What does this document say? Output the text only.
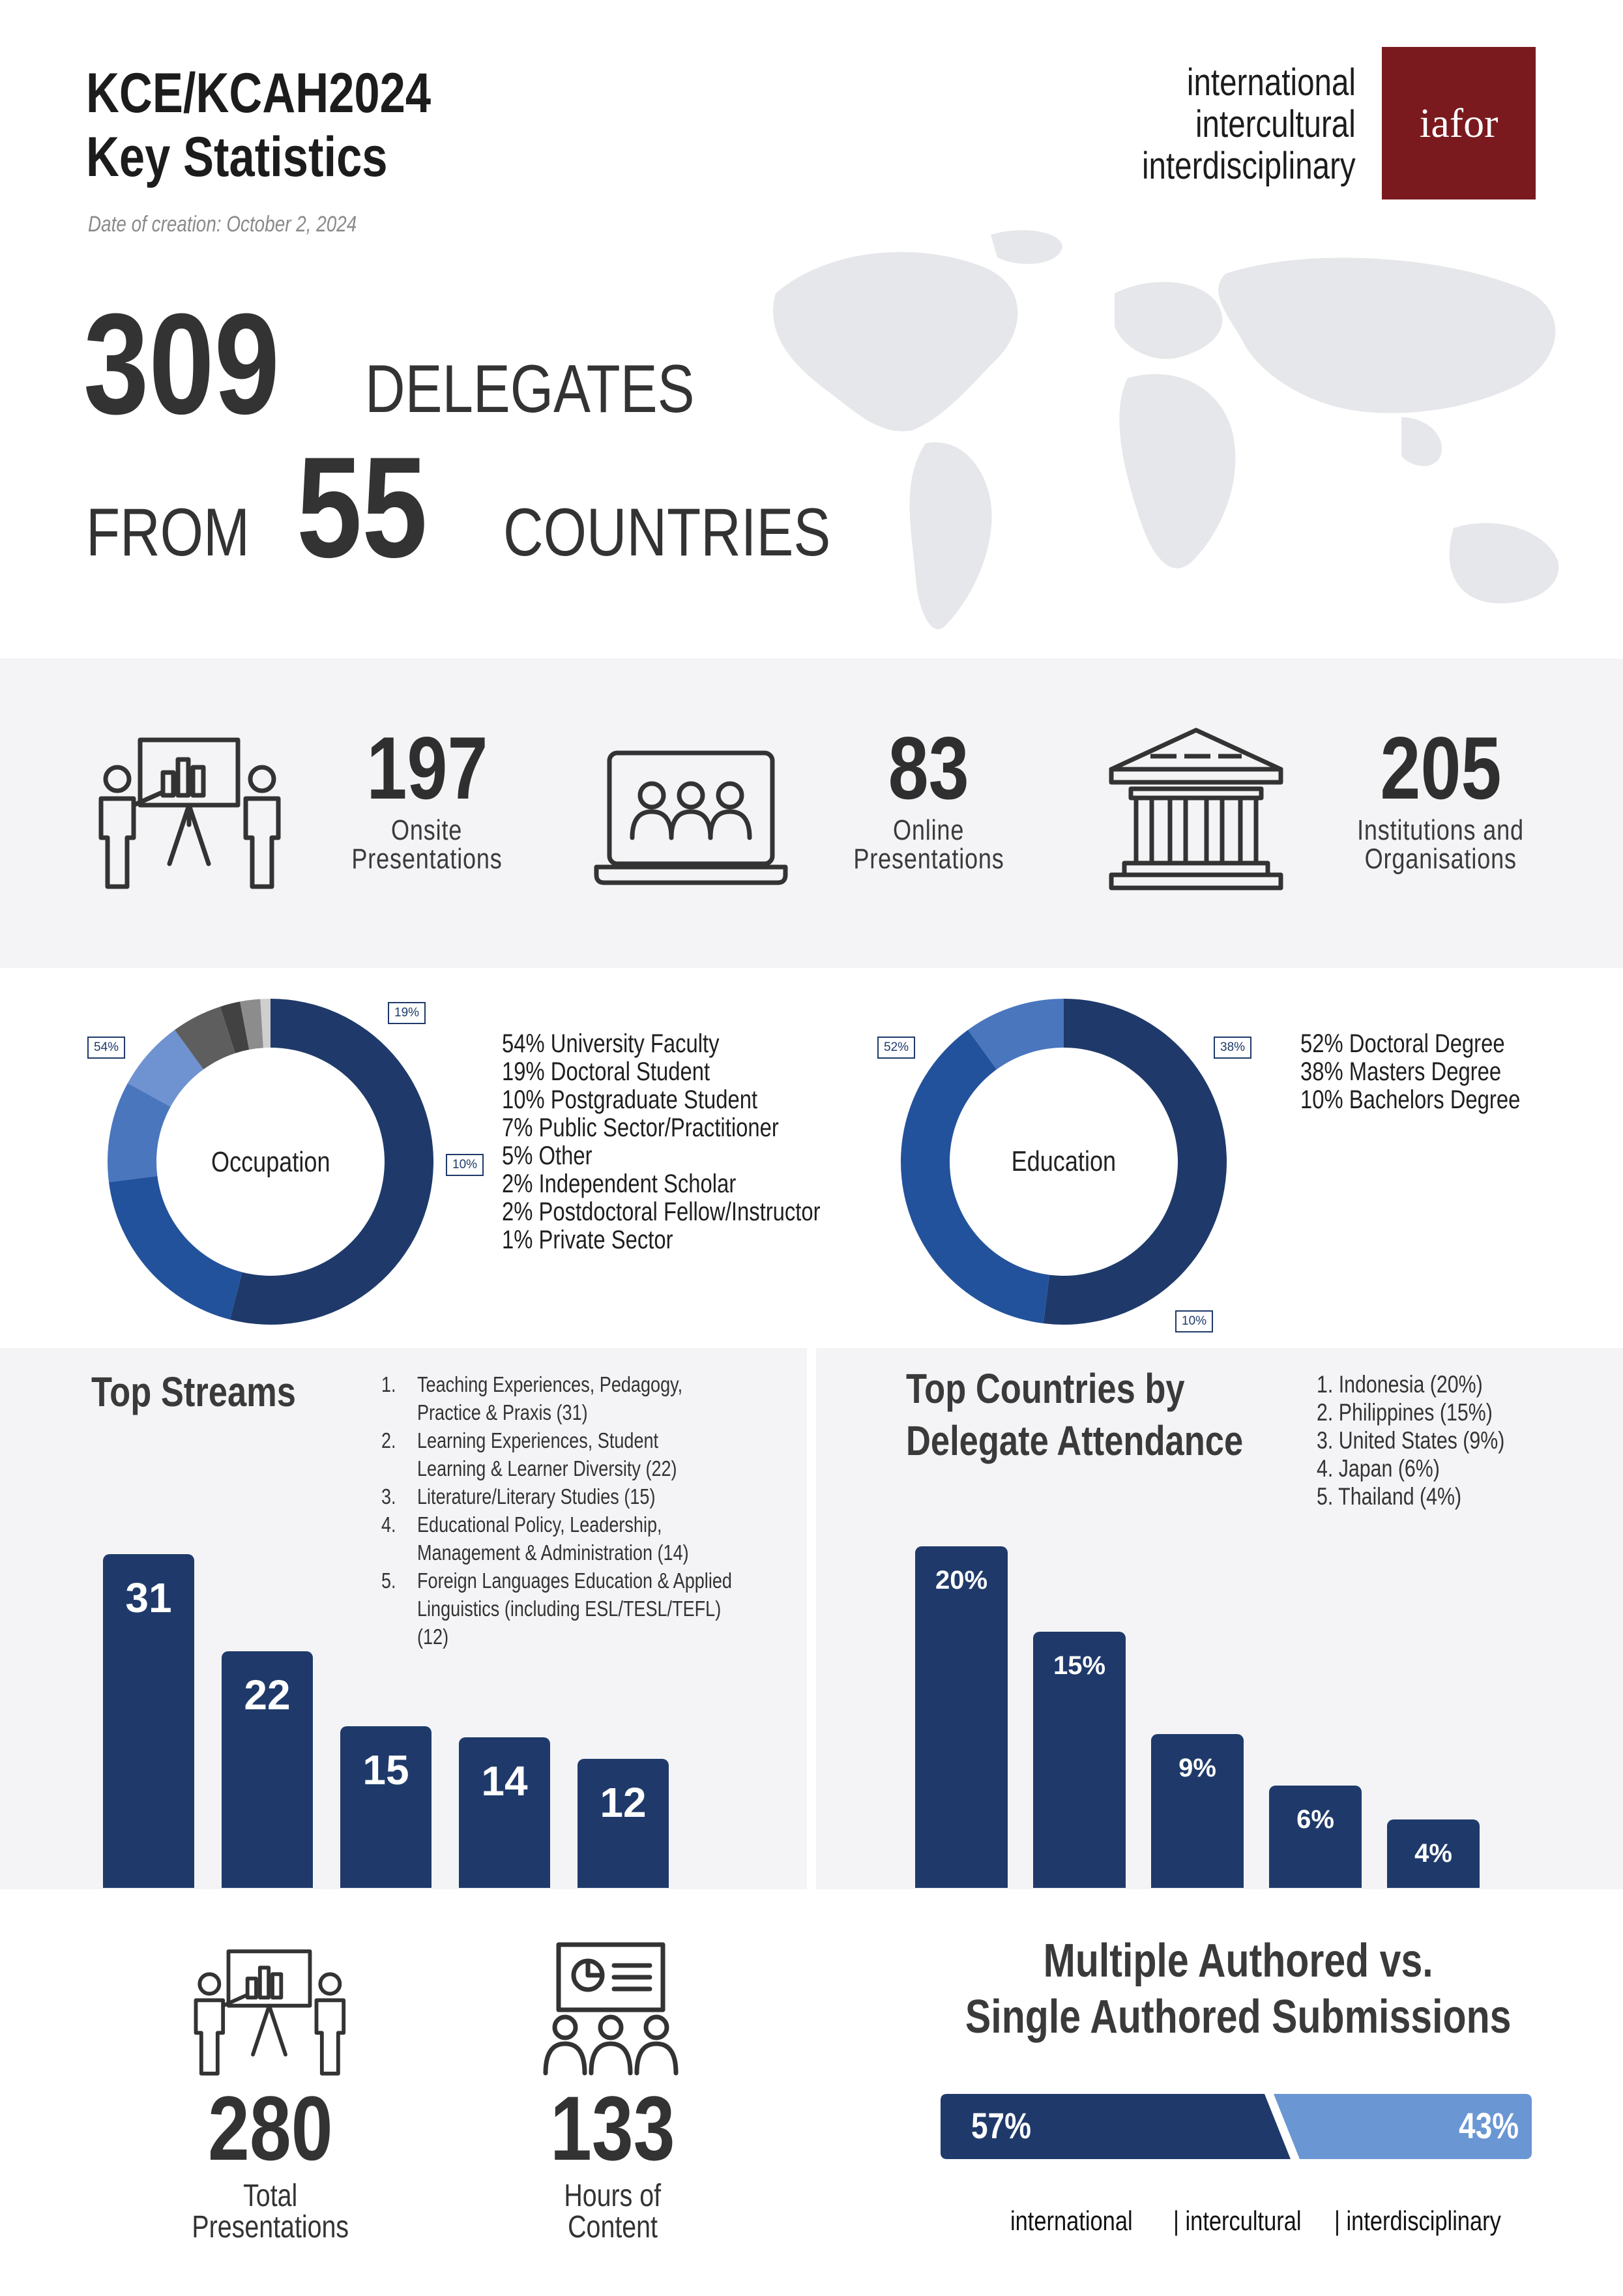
KCE/KCAH2024
Key Statistics
Date of creation: October 2, 2024
international
intercultural
interdisciplinary
iafor
309	DELEGATES
FROM 55	COUNTRIES
197
Onsite
Presentations
83
Online
Presentations
205
Institutions and
Organisations
Occupation	Education
54%
19%
10%
52%	38%
10%
54% University Faculty
19% Doctoral Student
10% Postgraduate Student
7% Public Sector/Practitioner
5% Other
2% Independent Scholar
2% Postdoctoral Fellow/Instructor
1% Private Sector
52% Doctoral Degree
38% Masters Degree
10% Bachelors Degree
Top Streams	1. Teaching Experiences, Pedagogy,
Practice & Praxis (31)
2. Learning Experiences, Student
Learning & Learner Diversity (22)
3. Literature/Literary Studies (15)
4. Educational Policy, Leadership,
Management & Administration (14)
5. Foreign Languages Education & Applied
Linguistics (including ESL/TESL/TEFL)
(12)
31
22
15	14	12
Top Countries by
Delegate Attendance
1. Indonesia (20%)
2. Philippines (15%)
3. United States (9%)
4. Japan (6%)
5. Thailand (4%)
20%
15%
9%
6%
4%
280
Total
Presentations
133
Hours of
Content
Multiple Authored vs.
Single Authored Submissions
57%	43%
international | intercultural | interdisciplinary
